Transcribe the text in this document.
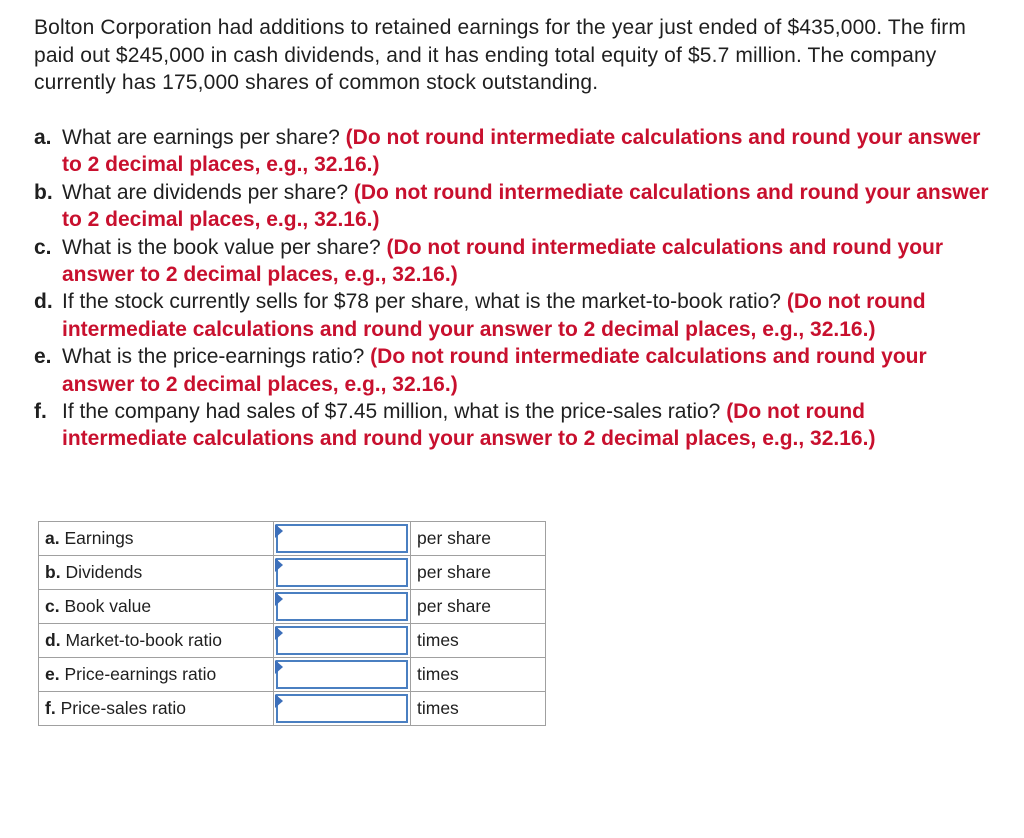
Bolton Corporation had additions to retained earnings for the year just ended of $435,000. The firm paid out $245,000 in cash dividends, and it has ending total equity of $5.7 million. The company currently has 175,000 shares of common stock outstanding.

a. What are earnings per share? (Do not round intermediate calculations and round your answer to 2 decimal places, e.g., 32.16.)
b. What are dividends per share? (Do not round intermediate calculations and round your answer to 2 decimal places, e.g., 32.16.)
c. What is the book value per share? (Do not round intermediate calculations and round your answer to 2 decimal places, e.g., 32.16.)
d. If the stock currently sells for $78 per share, what is the market-to-book ratio? (Do not round intermediate calculations and round your answer to 2 decimal places, e.g., 32.16.)
e. What is the price-earnings ratio? (Do not round intermediate calculations and round your answer to 2 decimal places, e.g., 32.16.)
f. If the company had sales of $7.45 million, what is the price-sales ratio? (Do not round intermediate calculations and round your answer to 2 decimal places, e.g., 32.16.)
a. Earnings		per share
b. Dividends		per share
c. Book value		per share
d. Market-to-book ratio		times
e. Price-earnings ratio		times
f. Price-sales ratio		times
